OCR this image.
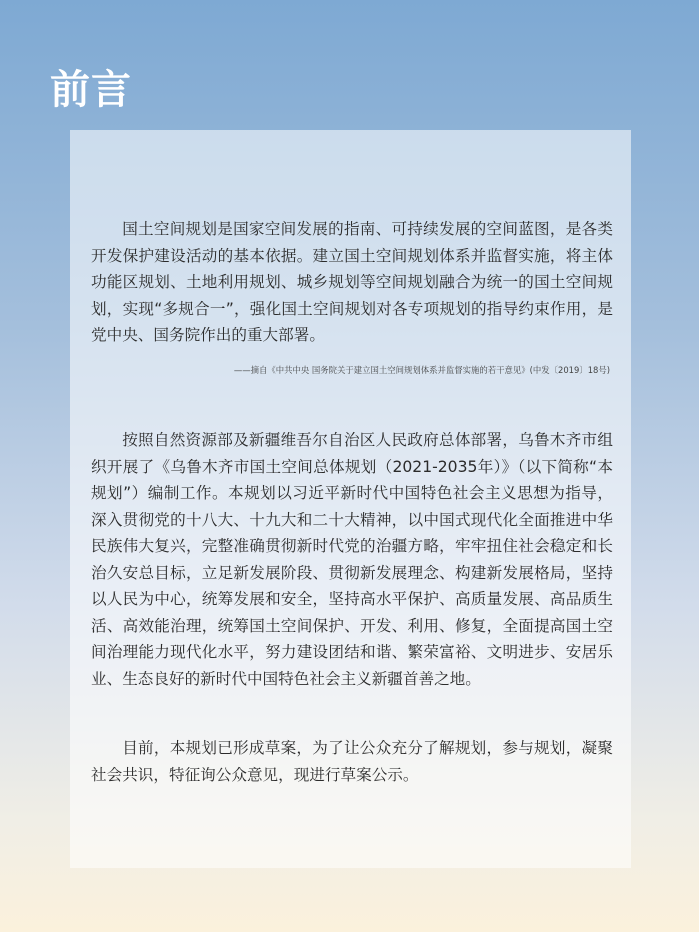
前言

国土空间规划是国家空间发展的指南、可持续发展的空间蓝图，是各类开发保护建设活动的基本依据。建立国土空间规划体系并监督实施，将主体功能区规划、土地利用规划、城乡规划等空间规划融合为统一的国土空间规划，实现“多规合一”，强化国土空间规划对各专项规划的指导约束作用，是党中央、国务院作出的重大部署。

——摘自《中共中央 国务院关于建立国土空间规划体系并监督实施的若干意见》(中发〔2019〕18号)

按照自然资源部及新疆维吾尔自治区人民政府总体部署，乌鲁木齐市组织开展了《乌鲁木齐市国土空间总体规划（2021-2035年）》（以下简称“本规划”）编制工作。本规划以习近平新时代中国特色社会主义思想为指导，深入贯彻党的十八大、十九大和二十大精神，以中国式现代化全面推进中华民族伟大复兴，完整准确贯彻新时代党的治疆方略，牢牢扭住社会稳定和长治久安总目标，立足新发展阶段、贯彻新发展理念、构建新发展格局，坚持以人民为中心，统筹发展和安全，坚持高水平保护、高质量发展、高品质生活、高效能治理，统筹国土空间保护、开发、利用、修复，全面提高国土空间治理能力现代化水平，努力建设团结和谐、繁荣富裕、文明进步、安居乐业、生态良好的新时代中国特色社会主义新疆首善之地。

目前，本规划已形成草案，为了让公众充分了解规划，参与规划，凝聚社会共识，特征询公众意见，现进行草案公示。
